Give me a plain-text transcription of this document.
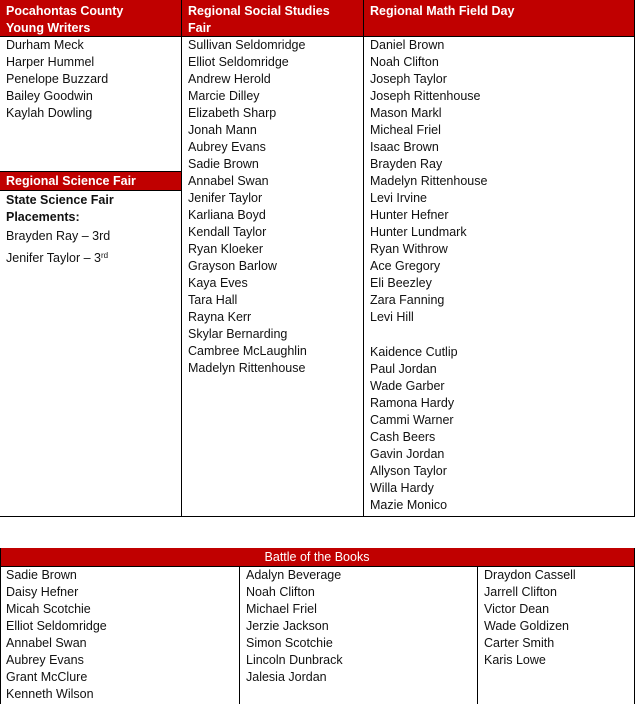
Pocahontas County
Young Writers
Durham Meck
Harper Hummel
Penelope Buzzard
Bailey Goodwin
Kaylah Dowling
Regional Science Fair
State Science Fair
Placements:
Brayden Ray – 3rd
Jenifer Taylor – 3rd
Regional Social Studies
Fair
Sullivan Seldomridge
Elliot Seldomridge
Andrew Herold
Marcie Dilley
Elizabeth Sharp
Jonah Mann
Aubrey Evans
Sadie Brown
Annabel Swan
Jenifer Taylor
Karliana Boyd
Kendall Taylor
Ryan Kloeker
Grayson Barlow
Kaya Eves
Tara Hall
Rayna Kerr
Skylar Bernarding
Cambree McLaughlin
Madelyn Rittenhouse
Regional Math Field Day
Daniel Brown
Noah Clifton
Joseph Taylor
Joseph Rittenhouse
Mason Markl
Micheal Friel
Isaac Brown
Brayden Ray
Madelyn Rittenhouse
Levi Irvine
Hunter Hefner
Hunter Lundmark
Ryan Withrow
Ace Gregory
Eli Beezley
Zara Fanning
Levi Hill
Kaidence Cutlip
Paul Jordan
Wade Garber
Ramona Hardy
Cammi Warner
Cash Beers
Gavin Jordan
Allyson Taylor
Willa Hardy
Mazie Monico
Battle of the Books
Sadie Brown
Daisy Hefner
Micah Scotchie
Elliot Seldomridge
Annabel Swan
Aubrey Evans
Grant McClure
Kenneth Wilson
Adalyn Beverage
Noah Clifton
Michael Friel
Jerzie Jackson
Simon Scotchie
Lincoln Dunbrack
Jalesia Jordan
Draydon Cassell
Jarrell Clifton
Victor Dean
Wade Goldizen
Carter Smith
Karis Lowe
